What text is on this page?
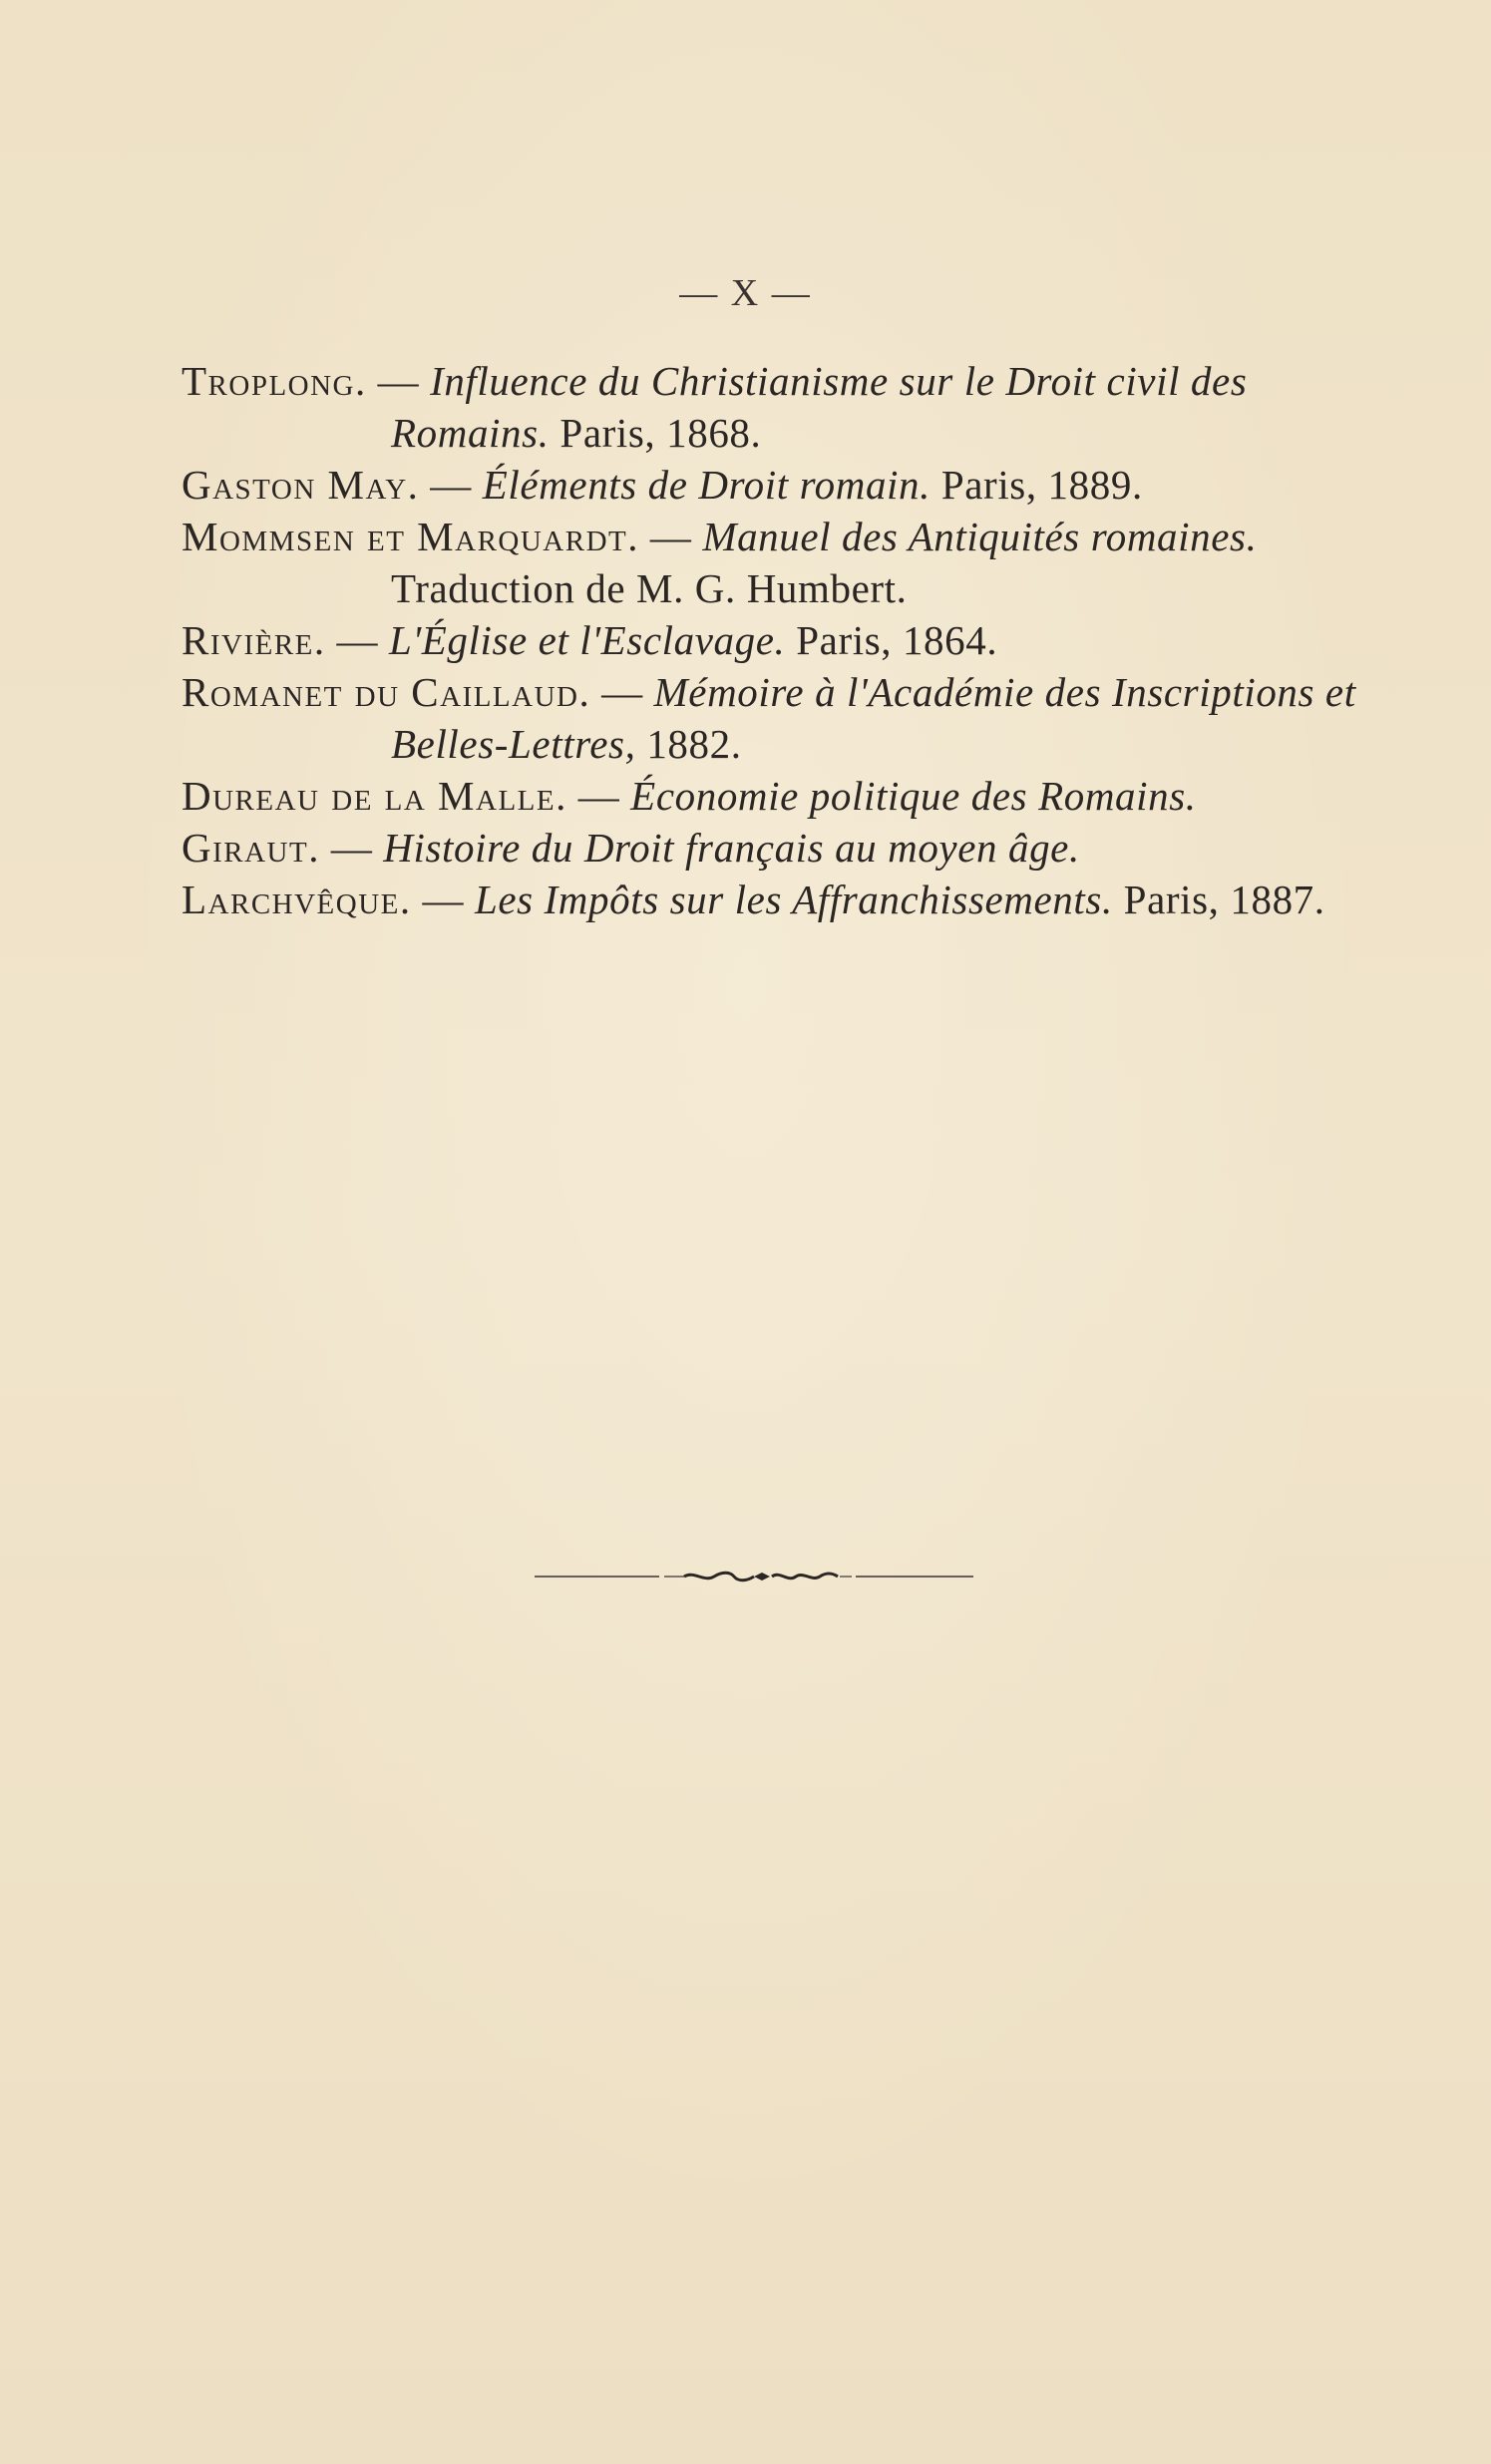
— X —

Troplong. — Influence du Christianisme sur le Droit civil des Romains. Paris, 1868.

Gaston May. — Éléments de Droit romain. Paris, 1889.

Mommsen et Marquardt. — Manuel des Antiquités romaines. Traduction de M. G. Humbert.

Rivière. — L'Église et l'Esclavage. Paris, 1864.

Romanet du Caillaud. — Mémoire à l'Académie des Inscriptions et Belles-Lettres, 1882.

Dureau de la Malle. — Économie politique des Romains.

Giraut. — Histoire du Droit français au moyen âge.

Larchvêque. — Les Impôts sur les Affranchissements. Paris, 1887.
